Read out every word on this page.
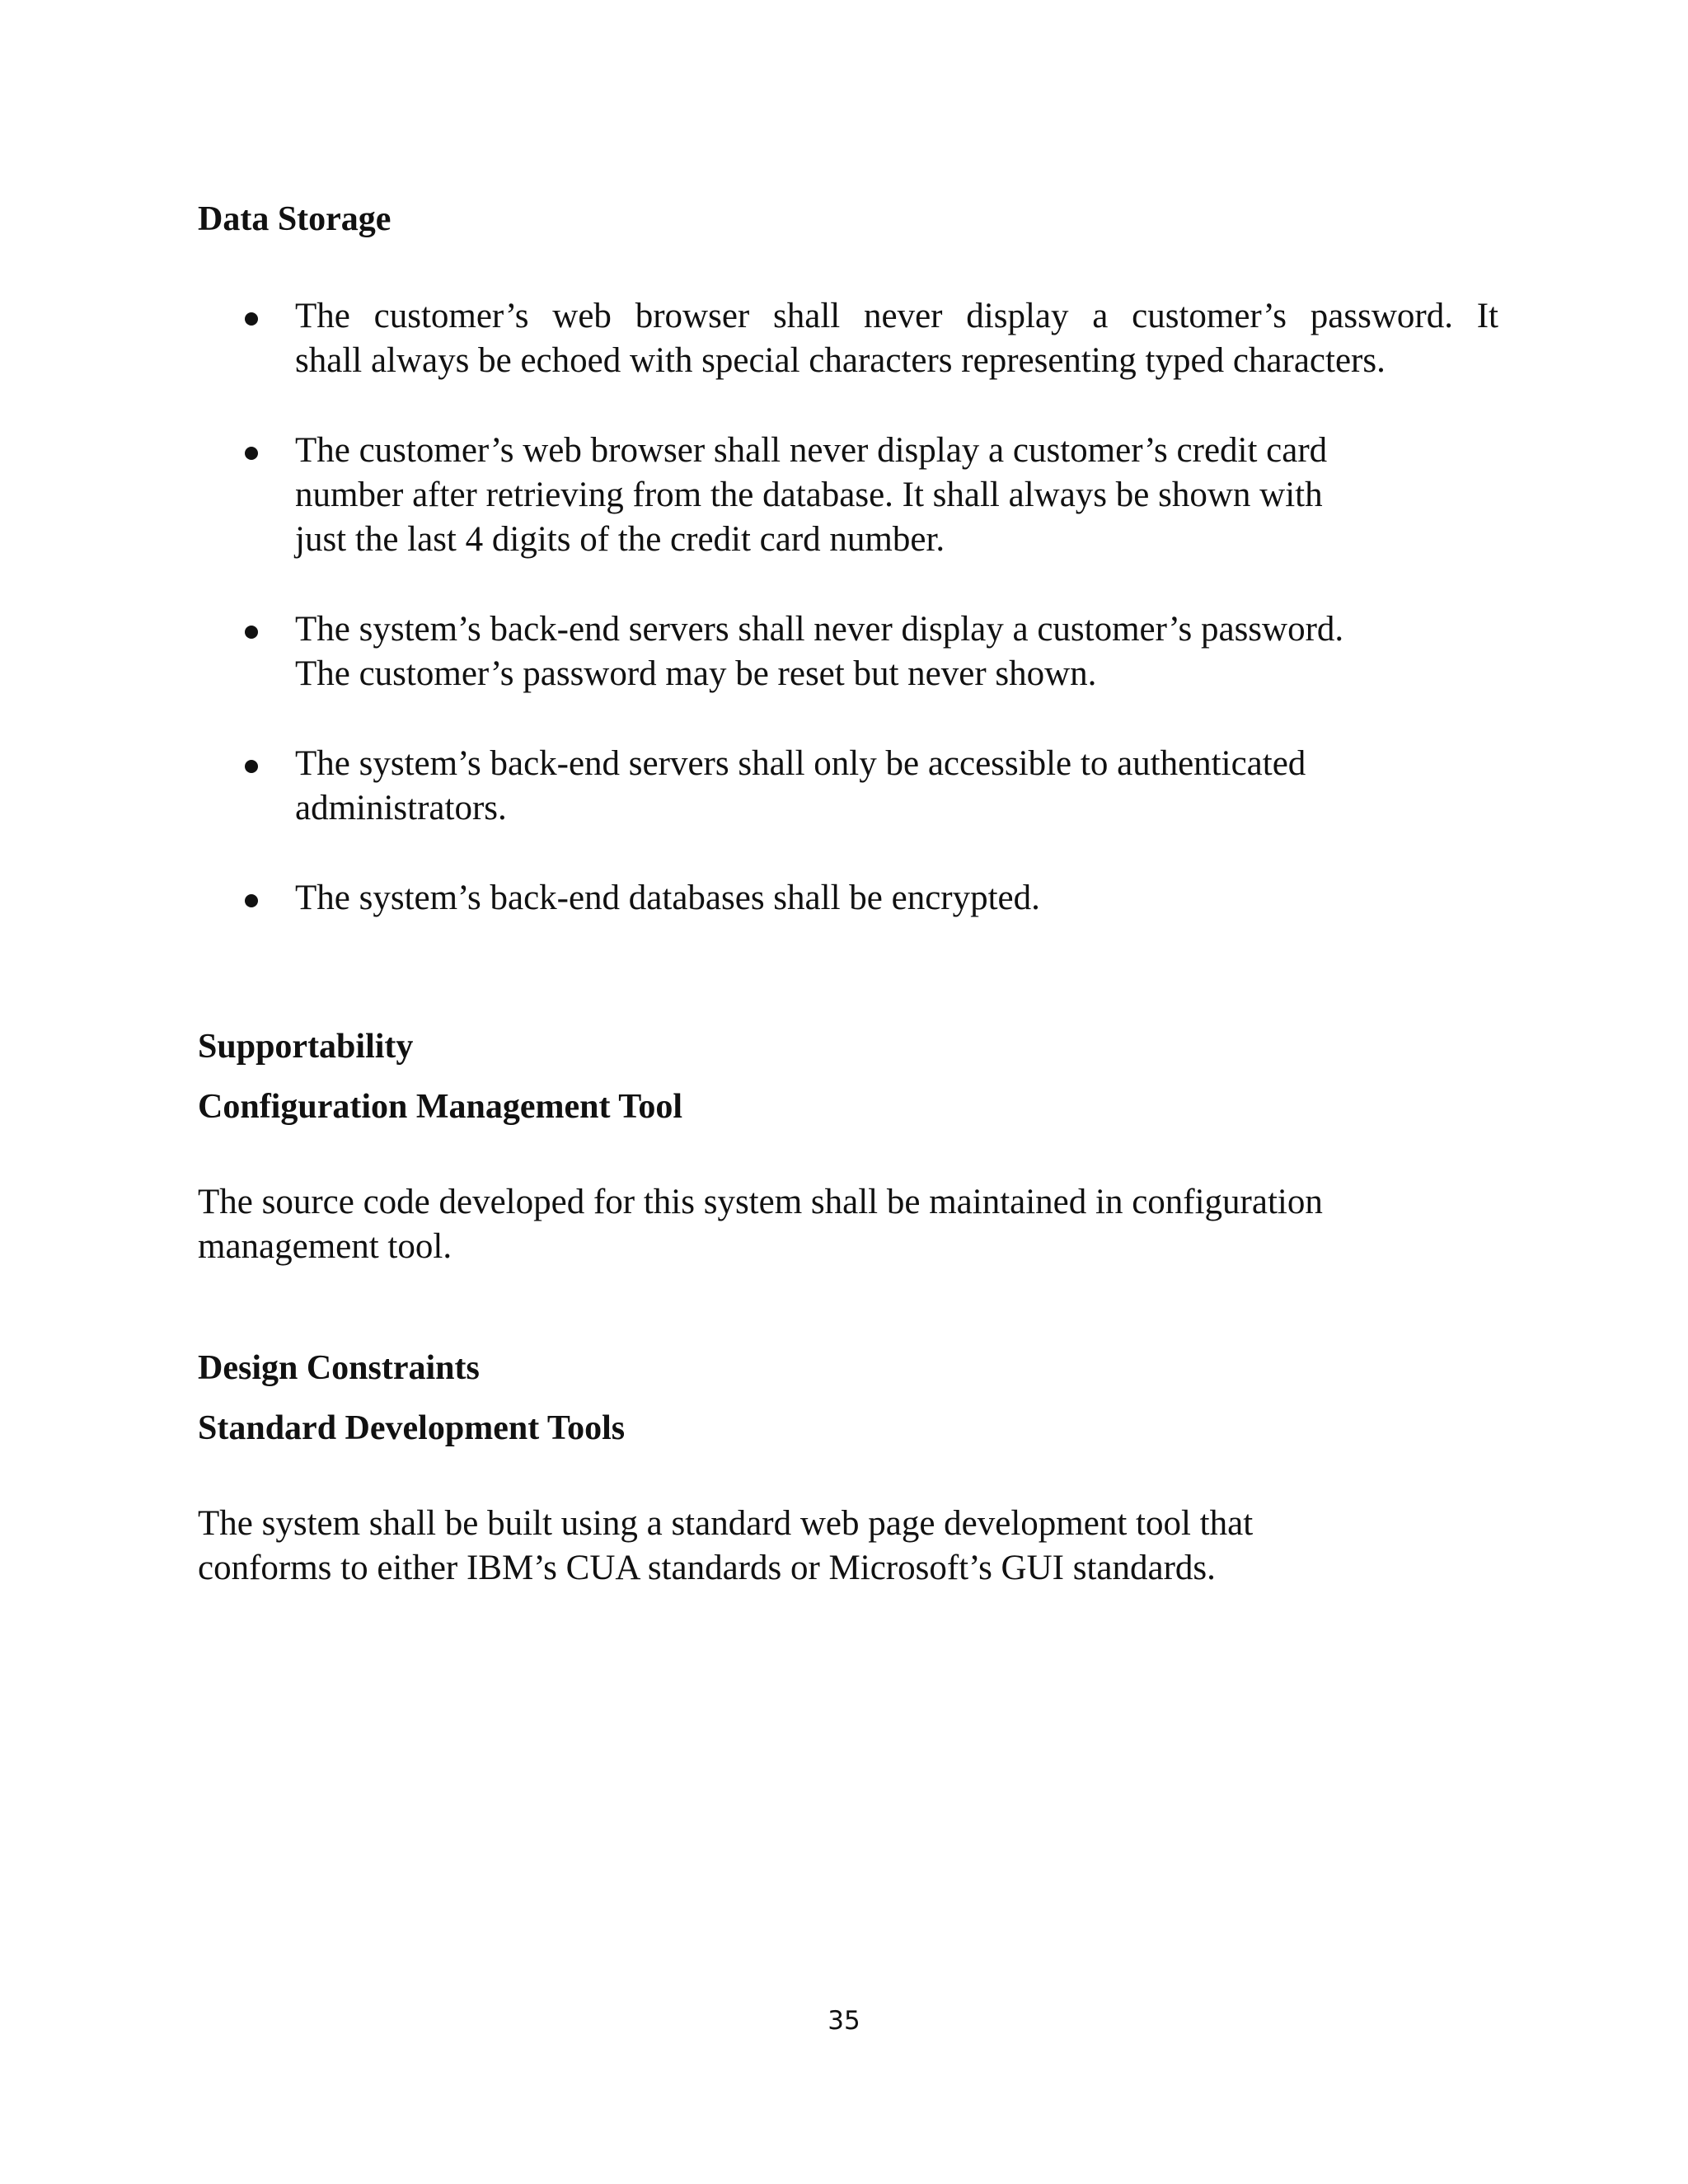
Data Storage
The customer’s web browser shall never display a customer’s password. It
shall always be echoed with special characters representing typed characters.
The customer’s web browser shall never display a customer’s credit card
number after retrieving from the database. It shall always be shown with
just the last 4 digits of the credit card number.
The system’s back-end servers shall never display a customer’s password.
The customer’s password may be reset but never shown.
The system’s back-end servers shall only be accessible to authenticated
administrators.
The system’s back-end databases shall be encrypted.
Supportability
Configuration Management Tool
The source code developed for this system shall be maintained in configuration
management tool.
Design Constraints
Standard Development Tools
The system shall be built using a standard web page development tool that
conforms to either IBM’s CUA standards or Microsoft’s GUI standards.
35
